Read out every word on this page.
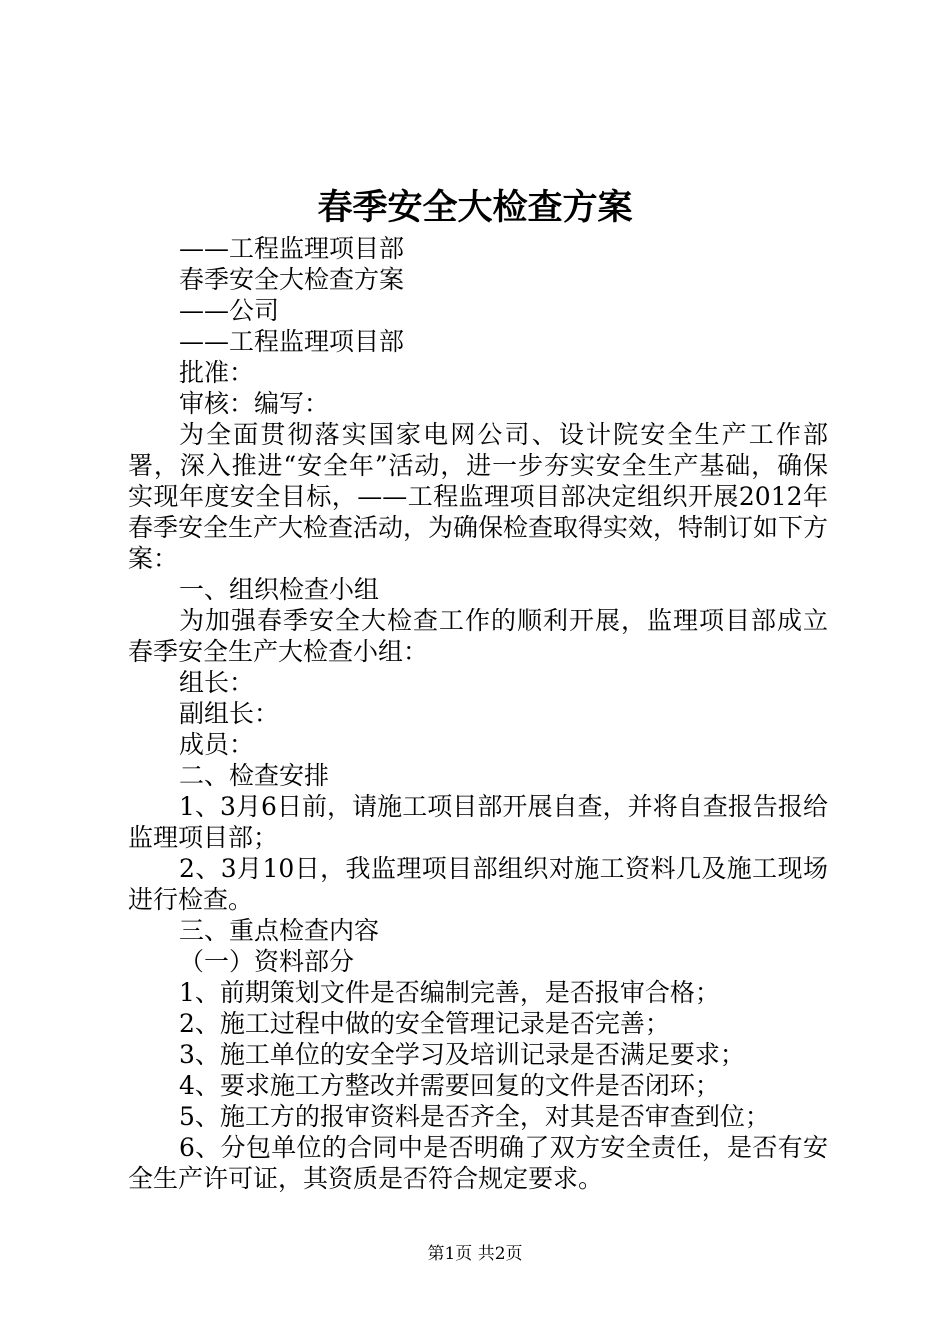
春季安全大检查方案
——工程监理项目部
春季安全大检查方案
——公司
——工程监理项目部
批准：
审核：编写：
为全面贯彻落实国家电网公司、设计院安全生产工作部署，深入推进“安全年”活动，进一步夯实安全生产基础，确保实现年度安全目标，——工程监理项目部决定组织开展2012年春季安全生产大检查活动，为确保检查取得实效，特制订如下方案：
一、组织检查小组
为加强春季安全大检查工作的顺利开展，监理项目部成立春季安全生产大检查小组：
组长：
副组长：
成员：
二、检查安排
1、3月6日前，请施工项目部开展自查，并将自查报告报给监理项目部；
2、3月10日，我监理项目部组织对施工资料几及施工现场进行检查。
三、重点检查内容
（一）资料部分
1、前期策划文件是否编制完善，是否报审合格；
2、施工过程中做的安全管理记录是否完善；
3、施工单位的安全学习及培训记录是否满足要求；
4、要求施工方整改并需要回复的文件是否闭环；
5、施工方的报审资料是否齐全，对其是否审查到位；
6、分包单位的合同中是否明确了双方安全责任，是否有安全生产许可证，其资质是否符合规定要求。
第1页 共2页
